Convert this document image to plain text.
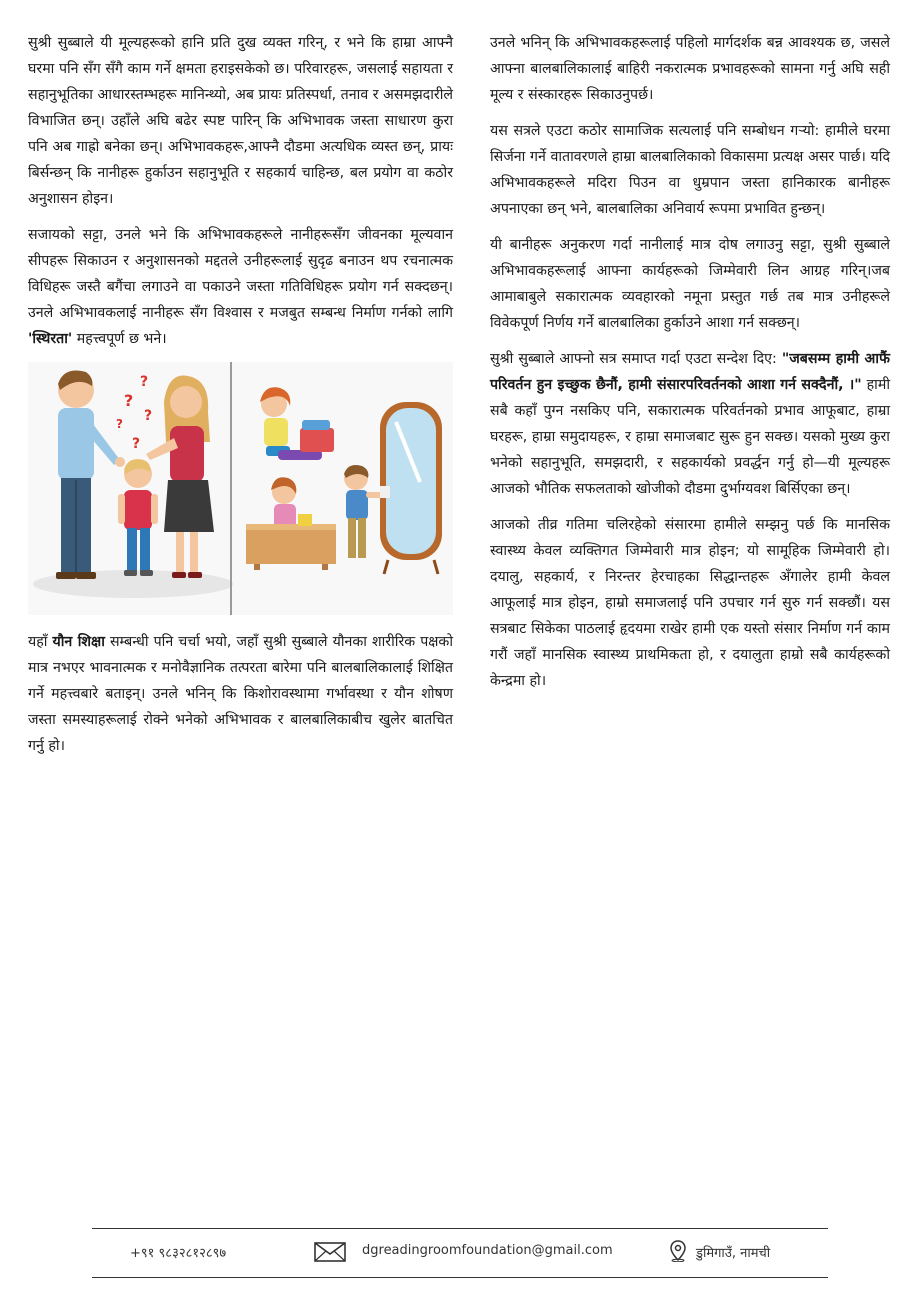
सुश्री सुब्बाले यी मूल्यहरूको हानि प्रति दुख व्यक्त गरिन्, र भने कि हाम्रा आफ्नै घरमा पनि सँग सँगै काम गर्ने क्षमता हराइसकेको छ। परिवारहरू, जसलाई सहायता र सहानुभूतिका आधारस्तम्भहरू मानिन्थ्यो, अब प्रायः प्रतिस्पर्धा, तनाव र असमझदारीले विभाजित छन्। उहाँले अघि बढेर स्पष्ट पारिन् कि अभिभावक जस्ता साधारण कुरा पनि अब गाह्रो बनेका छन्। अभिभावकहरू,आफ्नै दौडमा अत्यधिक व्यस्त छन्, प्रायः बिर्सन्छन् कि नानीहरू हुर्काउन सहानुभूति र सहकार्य चाहिन्छ, बल प्रयोग वा कठोर अनुशासन होइन।

सजायको सट्टा, उनले भने कि अभिभावकहरूले नानीहरूसँग जीवनका मूल्यवान सीपहरू सिकाउन र अनुशासनको मद्दतले उनीहरूलाई सुदृढ बनाउन थप रचनात्मक विधिहरू जस्तै बगैंचा लगाउने वा पकाउने जस्ता गतिविधिहरू प्रयोग गर्न सक्दछन्। उनले अभिभावकलाई नानीहरू सँग विश्वास र मजबुत सम्बन्ध निर्माण गर्नको लागि 'स्थिरता' महत्त्वपूर्ण छ भने।

?
?
?
?
?

यहाँ यौन शिक्षा सम्बन्धी पनि चर्चा भयो, जहाँ सुश्री सुब्बाले यौनका शारीरिक पक्षको मात्र नभएर भावनात्मक र मनोवैज्ञानिक तत्परता बारेमा पनि बालबालिकालाई शिक्षित गर्ने महत्त्वबारे बताइन्। उनले भनिन् कि किशोरावस्थामा गर्भावस्था र यौन शोषण जस्ता समस्याहरूलाई रोक्ने भनेको अभिभावक र बालबालिकाबीच खुलेर बातचित गर्नु हो।

उनले भनिन् कि अभिभावकहरूलाई पहिलो मार्गदर्शक बन्न आवश्यक छ, जसले आफ्ना बालबालिकालाई बाहिरी नकरात्मक प्रभावहरूको सामना गर्नु अघि सही मूल्य र संस्कारहरू सिकाउनुपर्छ।

यस सत्रले एउटा कठोर सामाजिक सत्यलाई पनि सम्बोधन गर्‍यो: हामीले घरमा सिर्जना गर्ने वातावरणले हाम्रा बालबालिकाको विकासमा प्रत्यक्ष असर पार्छ। यदि अभिभावकहरूले मदिरा पिउन वा धुम्रपान जस्ता हानिकारक बानीहरू अपनाएका छन् भने, बालबालिका अनिवार्य रूपमा प्रभावित हुन्छन्।

यी बानीहरू अनुकरण गर्दा नानीलाई मात्र दोष लगाउनु सट्टा, सुश्री सुब्बाले अभिभावकहरूलाई आफ्ना कार्यहरूको जिम्मेवारी लिन आग्रह गरिन्।जब आमाबाबुले सकारात्मक व्यवहारको नमूना प्रस्तुत गर्छ तब मात्र उनीहरूले विवेकपूर्ण निर्णय गर्ने बालबालिका हुर्काउने आशा गर्न सक्छन्।

सुश्री सुब्बाले आफ्नो सत्र समाप्त गर्दा एउटा सन्देश दिए: "जबसम्म हामी आफैं परिवर्तन हुन इच्छुक छैनौं, हामी संसारपरिवर्तनको आशा गर्न सक्दैनौं, ।" हामी सबै कहाँ पुग्न नसकिए पनि, सकारात्मक परिवर्तनको प्रभाव आफूबाट, हाम्रा घरहरू, हाम्रा समुदायहरू, र हाम्रा समाजबाट सुरू हुन सक्छ। यसको मुख्य कुरा भनेको सहानुभूति, समझदारी, र सहकार्यको प्रवर्द्धन गर्नु हो—यी मूल्यहरू आजको भौतिक सफलताको खोजीको दौडमा दुर्भाग्यवश बिर्सिएका छन्।

आजको तीव्र गतिमा चलिरहेको संसारमा हामीले सम्झनु पर्छ कि मानसिक स्वास्थ्य केवल व्यक्तिगत जिम्मेवारी मात्र होइन; यो सामूहिक जिम्मेवारी हो। दयालु, सहकार्य, र निरन्तर हेरचाहका सिद्धान्तहरू अँगालेर हामी केवल आफूलाई मात्र होइन, हाम्रो समाजलाई पनि उपचार गर्न सुरु गर्न सक्छौं। यस सत्रबाट सिकेका पाठलाई हृदयमा राखेर हामी एक यस्तो संसार निर्माण गर्न काम गरौं जहाँ मानसिक स्वास्थ्य प्राथमिकता हो, र दयालुता हाम्रो सबै कार्यहरूको केन्द्रमा हो।

+९१ ९८३२८१२८९७	dgreadingroomfoundation@gmail.com	डुमिगाउँ, नामची
